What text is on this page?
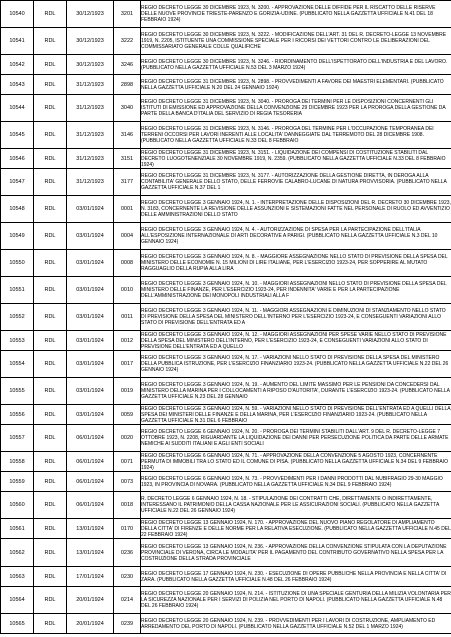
10540	RDL	30/12/1923	3201	REGIO DECRETO LEGGE 30 DICEMBRE 1923, N. 3200. - APPROVAZIONE DELLE DIFFIDE PER IL RISCATTO DELLE RISERVE DELLE NUOVE PROVINCIE TRIESTE-PARENZO E GORIZIA-UDINE. (PUBBLICATO NELLA GAZZETTA UFFICIALE N.41 DEL 18 FEBBRAIO 1924)

10541	RDL	30/12/1923	3222	REGIO DECRETO LEGGE 30 DICEMBRE 1923, N. 3222. - MODIFICAZIONE DELL'ART. 31 DEL R. DECRETO-LEGGE 13 NOVEMBRE 1919, N. 2205, ISTITUENTE UNA COMMISSIONE SPECIALE PER I RICORSI DEI VETTORI CONTRO LE DELIBERAZIONI DEL COMMISSARIATO GENERALE COLLE QUALIFICHE

10542	RDL	30/12/1923	3246	REGIO DECRETO LEGGE 30 DICEMBRE 1923, N. 3246. - RIORDINAMENTO DELL'ISPETTORATO DELL'INDUSTRIA E DEL LAVORO. (PUBBLICATO NELLA GAZZETTA UFFICIALE N.53 DEL 3 MARZO 1924)

10543	RDL	31/12/1923	2898	REGIO DECRETO LEGGE 31 DICEMBRE 1923, N. 2898. - PROVVEDIMENTI A FAVORE DEI MAESTRI ELEMENTARI. (PUBBLICATO NELLA GAZZETTA UFFICIALE N.20 DEL 24 GENNAIO 1924)

10544	RDL	31/12/1923	3040	REGIO DECRETO LEGGE 31 DICEMBRE 1923, N. 3040. - PROROGA DEI TERMINI PER LE DISPOSIZIONI CONCERNENTI GLI ISTITUTI DI EMISSIONE ED APPROVAZIONE DELLA CONVENZIONE 29 DICEMBRE 1923 PER LA PROROGA DELLA GESTIONE DA PARTE DELLA BANCA D'ITALIA DEL SERVIZIO DI REGIA TESORERIA

10545	RDL	31/12/1923	3146	REGIO DECRETO LEGGE 31 DICEMBRE 1923, N. 3146. - PROROGA DEL TERMINE PER L'OCCUPAZIONE TEMPORANEA DEI TERRENI OCCORSI PER LAVORI INERENTI ALLE LOCALITA' DANNEGGIATE DAL TERREMOTO DEL 28 DICEMBRE 1908. (PUBBLICATO NELLA GAZZETTA UFFICIALE N.33 DEL 8 FEBBRAIO

10546	RDL	31/12/1923	3151	REGIO DECRETO LEGGE 31 DICEMBRE 1923, N. 3151. - LIQUIDAZIONE DEI COMPENSI DI COSTITUZIONE STABILITI DAL DECRETO LUOGOTENENZIALE 30 NOVEMBRE 1919, N. 2359. (PUBBLICATO NELLA GAZZETTA UFFICIALE N.33 DEL 8 FEBBRAIO 1924)

10547	RDL	31/12/1923	3177	REGIO DECRETO LEGGE 31 DICEMBRE 1923, N. 3177. - AUTORIZZAZIONE DELLA GESTIONE DIRETTA, IN DEROGA ALLA CONTABILITA' GENERALE DELLO STATO, DELLE FERROVIE CALABRO-LUCANE DI NATURA PROVVISORIA. (PUBBLICATO NELLA GAZZETTA UFFICIALE N.37 DEL 1

10548	RDL	03/01/1924	0001	REGIO DECRETO LEGGE 3 GENNAIO 1924, N. 1. - INTERPRETAZIONE DELLE DISPOSIZIONI DEL R. DECRETO 30 DICEMBRE 1923, N. 3183, CONCERNENTE LA REVISIONE DELLE ASSUNZIONI E SISTEMAZIONI FATTE NEL PERSONALE DI RUOLO ED AVVENTIZIO DELLE AMMINISTRAZIONI DELLO STATO

10549	RDL	03/01/1924	0004	REGIO DECRETO LEGGE 3 GENNAIO 1924, N. 4. - AUTORIZZAZIONE DI SPESA PER LA PARTECIPAZIONE DELL'ITALIA ALL'ESPOSIZIONE INTERNAZIONALE DI ARTI DECORATIVE A PARIGI. (PUBBLICATO NELLA GAZZETTA UFFICIALE N.3 DEL 10 GENNAIO 1924)

10550	RDL	03/01/1924	0008	REGIO DECRETO LEGGE 3 GENNAIO 1924, N. 8. - MAGGIORE ASSEGNAZIONE NELLO STATO DI PREVISIONE DELLA SPESA DEL MINISTERO DELLE ECONOMIE N. 15 MILIONI DI LIRE ITALIANE, PER L'ESERCIZIO 1923-24, PER SOPPERIRE AL MUTATO RAGGUAGLIO DELLA RUPIA ALLA LIRA

10551	RDL	03/01/1924	0010	REGIO DECRETO LEGGE 3 GENNAIO 1924, N. 10. - MAGGIORI ASSEGNAZIONI NELLO STATO DI PREVISIONE DELLA SPESA DEL MINISTERO DELLE FINANZE, PER L'ESERCIZIO 1923-24, PER INDENNITA' VARIE E PER LA PARTECIPAZIONE DELL'AMMINISTRAZIONE DEI MONOPOLI INDUSTRIALI ALLA F

10552	RDL	03/01/1924	0011	REGIO DECRETO LEGGE 3 GENNAIO 1924, N. 11. - MAGGIORI ASSEGNAZIONI E DIMINUZIONI DI STANZIAMENTO NELLO STATO DI PREVISIONE DELLA SPESA DEL MINISTERO DELL'INTERNO PER L'ESERCIZIO 1923-24, E CONSEGUENTI VARIAZIONI ALLO STATO DI PREVISIONE DELL'ENTRATA ED A

10553	RDL	03/01/1924	0012	REGIO DECRETO LEGGE 3 GENNAIO 1924, N. 12. - MAGGIORI ASSEGNAZIONI PER SPESE VARIE NELLO STATO DI PREVISIONE DELLA SPESA DEL MINISTERO DELL'INTERNO, PER L'ESERCIZIO 1923-24, E CONSEGUENTI VARIAZIONI ALLO STATO DI PREVISIONE DELL'ENTRATA ED A QUELLO

10554	RDL	03/01/1924	0017	REGIO DECRETO LEGGE 3 GENNAIO 1924, N. 17. - VARIAZIONI NELLO STATO DI PREVISIONE DELLA SPESA DEL MINISTERO DELLA PUBBLICA ISTRUZIONE, PER L'ESERCIZIO FINANZIARIO 1923-24. (PUBBLICATO NELLA GAZZETTA UFFICIALE N.22 DEL 26 GENNAIO 1924)

10555	RDL	03/01/1924	0019	REGIO DECRETO LEGGE 3 GENNAIO 1924, N. 19. - AUMENTO DEL LIMITE MASSIMO PER LE PENSIONI DA CONCEDERSI DAL MINISTERO DELLA MARINA PER I COLLOCAMENTI A RIPOSO D'AUTORITA', DURANTE L'ESERCIZIO 1923-24. (PUBBLICATO NELLA GAZZETTA UFFICIALE N.23 DEL 28 GENNAIO

10556	RDL	03/01/1924	0059	REGIO DECRETO LEGGE 3 GENNAIO 1924, N. 59. - VARIAZIONI NELLO STATO DI PREVISIONE DELL'ENTRATA ED A QUELLI DELLA SPESA DEI MINISTERI DELLE FINANZE E DELLA MARINA, PER L'ESERCIZIO FINANZIARIO 1923-24. (PUBBLICATO NELLA GAZZETTA UFFICIALE N.31 DEL 6 FEBBRAIO

10557	RDL	06/01/1924	0020	REGIO DECRETO LEGGE 6 GENNAIO 1924, N. 20. - PROROGA DEI TERMINI STABILITI DALL'ART. 9 DEL R. DECRETO-LEGGE 7 OTTOBRE 1923, N. 2208, RIGUARDANTE LA LIQUIDAZIONE DEI DANNI PER PERSECUZIONE POLITICA DA PARTE DELLE ARMATE NEMICHE AI SUDDITI ITALIANI E AGLI ENTI SOCIALI

10558	RDL	06/01/1924	0071	REGIO DECRETO LEGGE 6 GENNAIO 1924, N. 71. - APPROVAZIONE DELLA CONVENZIONE 5 AGOSTO 1923, CONCERNENTE PERMUTA DI IMMOBILI TRA LO STATO ED IL COMUNE DI PISA. (PUBBLICATO NELLA GAZZETTA UFFICIALE N.34 DEL 9 FEBBRAIO 1924)

10559	RDL	06/01/1924	0073	REGIO DECRETO LEGGE 6 GENNAIO 1924, N. 73. - PROVVEDIMENTI PER I DANNI PRODOTTI DAL NUBIFRAGIO 29-30 MAGGIO 1923, IN PROVINCIA DI NOVARA. (PUBBLICATO NELLA GAZZETTA UFFICIALE N.34 DEL 9 FEBBRAIO 1924)

10560	RDL	06/01/1924	0018	R. DECRETO LEGGE 6 GENNAIO 1924, N. 18. - STIPULAZIONE DEI CONTRATTI CHE, DIRETTAMENTE O INDIRETTAMENTE, INTERESSANO IL PATRIMONIO DELLA CASSA NAZIONALE PER LE ASSICURAZIONI SOCIALI. (PUBBLICATO NELLA GAZZETTA UFFICIALE N.22 DEL 26 GENNAIO 1924)

10561	RDL	13/01/1924	0170	REGIO DECRETO LEGGE 13 GENNAIO 1924, N. 170. - APPROVAZIONE DEL NUOVO PIANO REGOLATORE DI AMPLIAMENTO DELLA CITTA' DI FIRENZE E DELLE NORME PER LA RELATIVA ESECUZIONE. (PUBBLICATO NELLA GAZZETTA UFFICIALE N.45 DEL 22 FEBBRAIO 1924)

10562	RDL	13/01/1924	0236	REGIO DECRETO LEGGE 13 GENNAIO 1924, N. 236. - APPROVAZIONE DELLA CONVENZIONE STIPULATA CON LA DEPUTAZIONE PROVINCIALE DI VERONA, CIRCA LE MODALITA' PER IL PAGAMENTO DEL CONTRIBUTO GOVERNATIVO NELLA SPESA PER LA COSTRUZIONE DELLA STRADA PROVINCIALE

10563	RDL	17/01/1924	0230	REGIO DECRETO LEGGE 17 GENNAIO 1924, N. 230. - ESECUZIONE DI OPERE PUBBLICHE NELLA PROVINCIA E NELLA CITTA' DI ZARA. (PUBBLICATO NELLA GAZZETTA UFFICIALE N.48 DEL 26 FEBBRAIO 1924)

10564	RDL	20/01/1924	0214	REGIO DECRETO LEGGE 20 GENNAIO 1924, N. 214. - ISTITUZIONE DI UNA SPECIALE GENTURIA DELLA MILIZIA VOLONTARIA PER LA SICUREZZA NAZIONALE PER I SERVIZI DI POLIZIA NEL PORTO DI NAPOLI. (PUBBLICATO NELLA GAZZETTA UFFICIALE N.48 DEL 26 FEBBRAIO 1924)

10565	RDL	20/01/1924	0239	REGIO DECRETO LEGGE 20 GENNAIO 1924, N. 239. - PROVVEDIMENTI PER I LAVORI DI COSTRUZIONE, AMPLIAMENTO ED ARREDAMENTO DEL PORTO DI NAPOLI. (PUBBLICATO NELLA GAZZETTA UFFICIALE N.52 DEL 1 MARZO 1924)
